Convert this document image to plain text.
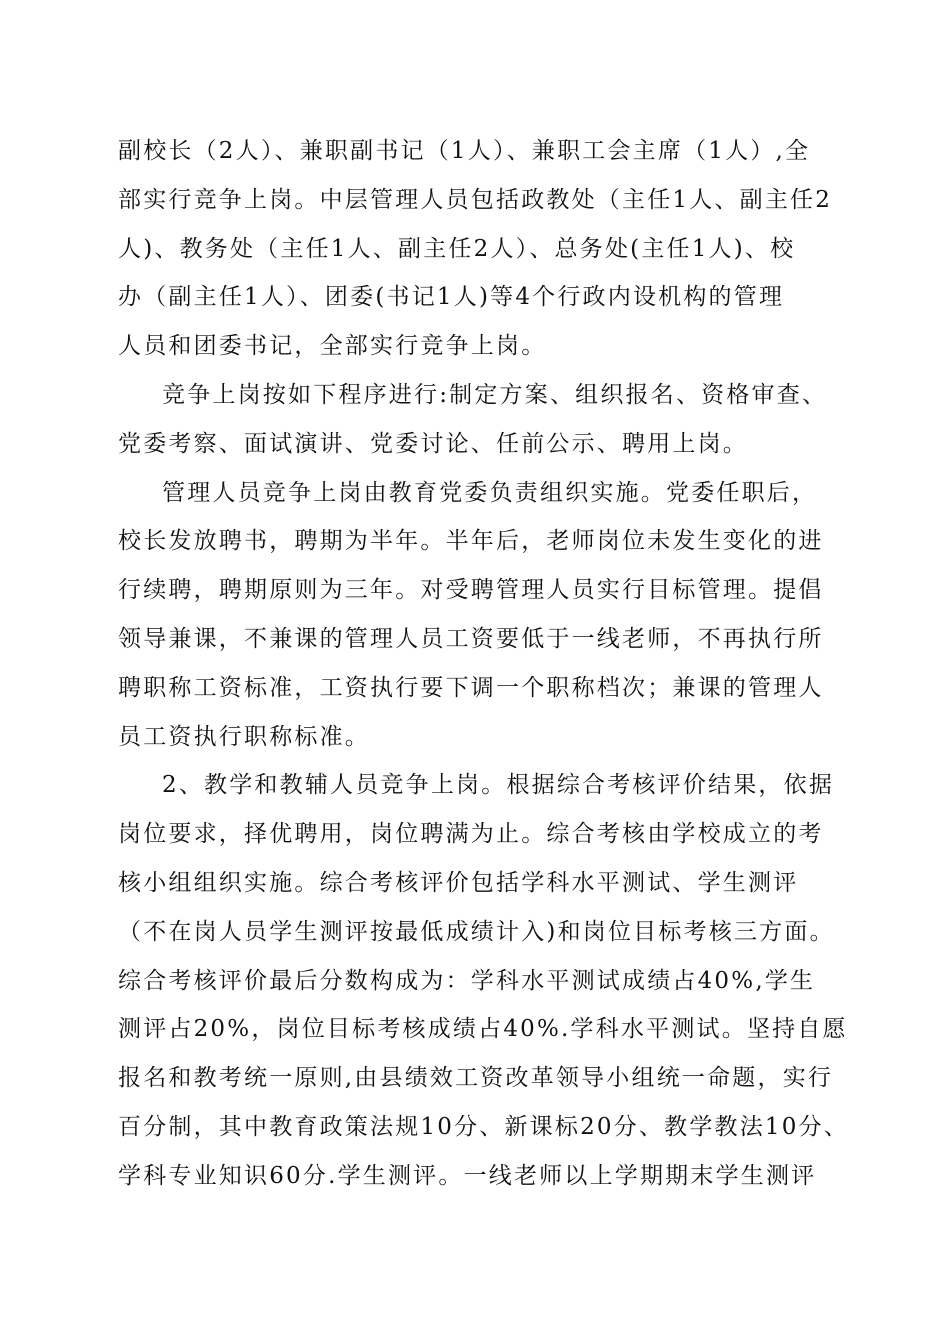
副校长（2人）、兼职副书记（1人）、兼职工会主席（1人）,全
部实行竞争上岗。中层管理人员包括政教处（主任1人、副主任2
人)、教务处（主任1人、副主任2人）、总务处(主任1人)、校
办（副主任1人）、团委(书记1人)等4个行政内设机构的管理
人员和团委书记，全部实行竞争上岗。
竞争上岗按如下程序进行:制定方案、组织报名、资格审查、
党委考察、面试演讲、党委讨论、任前公示、聘用上岗。
管理人员竞争上岗由教育党委负责组织实施。党委任职后，
校长发放聘书，聘期为半年。半年后，老师岗位未发生变化的进
行续聘，聘期原则为三年。对受聘管理人员实行目标管理。提倡
领导兼课，不兼课的管理人员工资要低于一线老师，不再执行所
聘职称工资标准，工资执行要下调一个职称档次；兼课的管理人
员工资执行职称标准。
2、教学和教辅人员竞争上岗。根据综合考核评价结果，依据
岗位要求，择优聘用，岗位聘满为止。综合考核由学校成立的考
核小组组织实施。综合考核评价包括学科水平测试、学生测评
（不在岗人员学生测评按最低成绩计入)和岗位目标考核三方面。
综合考核评价最后分数构成为：学科水平测试成绩占40%,学生
测评占20%，岗位目标考核成绩占40%.学科水平测试。坚持自愿
报名和教考统一原则,由县绩效工资改革领导小组统一命题，实行
百分制，其中教育政策法规10分、新课标20分、教学教法10分、
学科专业知识60分.学生测评。一线老师以上学期期末学生测评
